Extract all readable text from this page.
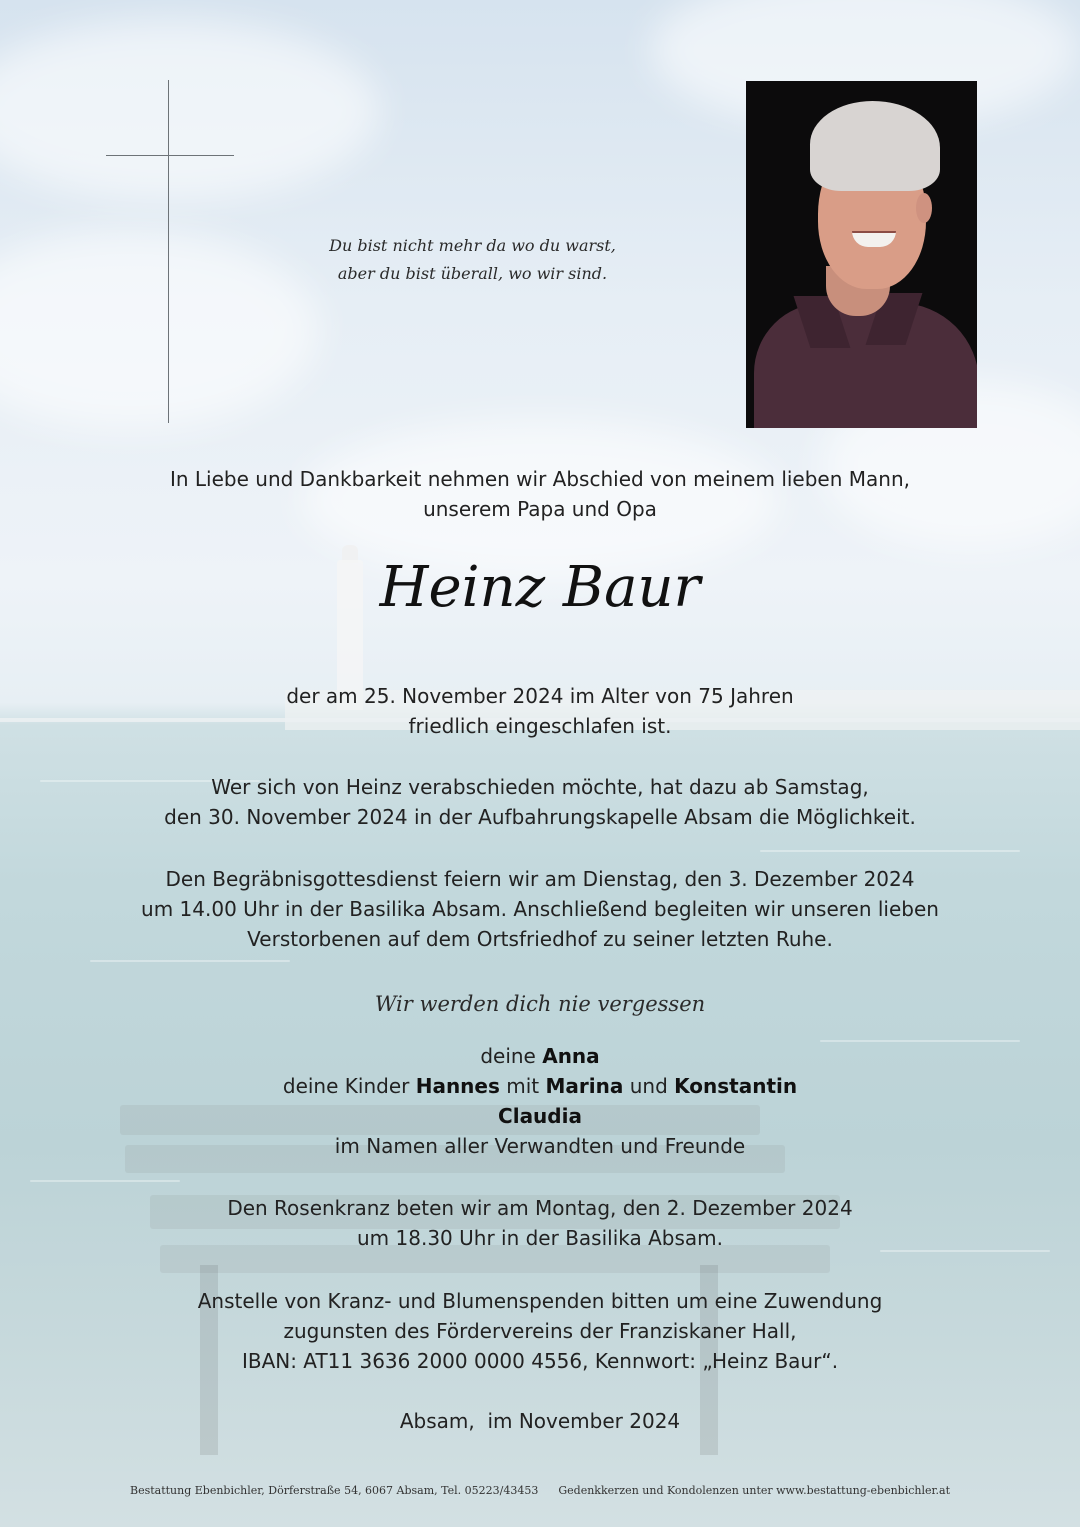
Du bist nicht mehr da wo du warst,
aber du bist überall, wo wir sind.
In Liebe und Dankbarkeit nehmen wir Abschied von meinem lieben Mann,
unserem Papa und Opa
Heinz Baur
der am 25. November 2024 im Alter von 75 Jahren
friedlich eingeschlafen ist.
Wer sich von Heinz verabschieden möchte, hat dazu ab Samstag,
den 30. November 2024 in der Aufbahrungskapelle Absam die Möglichkeit.
Den Begräbnisgottesdienst feiern wir am Dienstag, den 3. Dezember 2024
um 14.00 Uhr in der Basilika Absam. Anschließend begleiten wir unseren lieben
Verstorbenen auf dem Ortsfriedhof zu seiner letzten Ruhe.
Wir werden dich nie vergessen
deine Anna
deine Kinder Hannes mit Marina und Konstantin
Claudia
im Namen aller Verwandten und Freunde
Den Rosenkranz beten wir am Montag, den 2. Dezember 2024
um 18.30 Uhr in der Basilika Absam.
Anstelle von Kranz- und Blumenspenden bitten um eine Zuwendung
zugunsten des Fördervereins der Franziskaner Hall,
IBAN: AT11 3636 2000 0000 4556, Kennwort: „Heinz Baur“.
Absam,  im November 2024
Bestattung Ebenbichler, Dörferstraße 54, 6067 Absam, Tel. 05223/43453 Gedenkkerzen und Kondolenzen unter www.bestattung-ebenbichler.at
